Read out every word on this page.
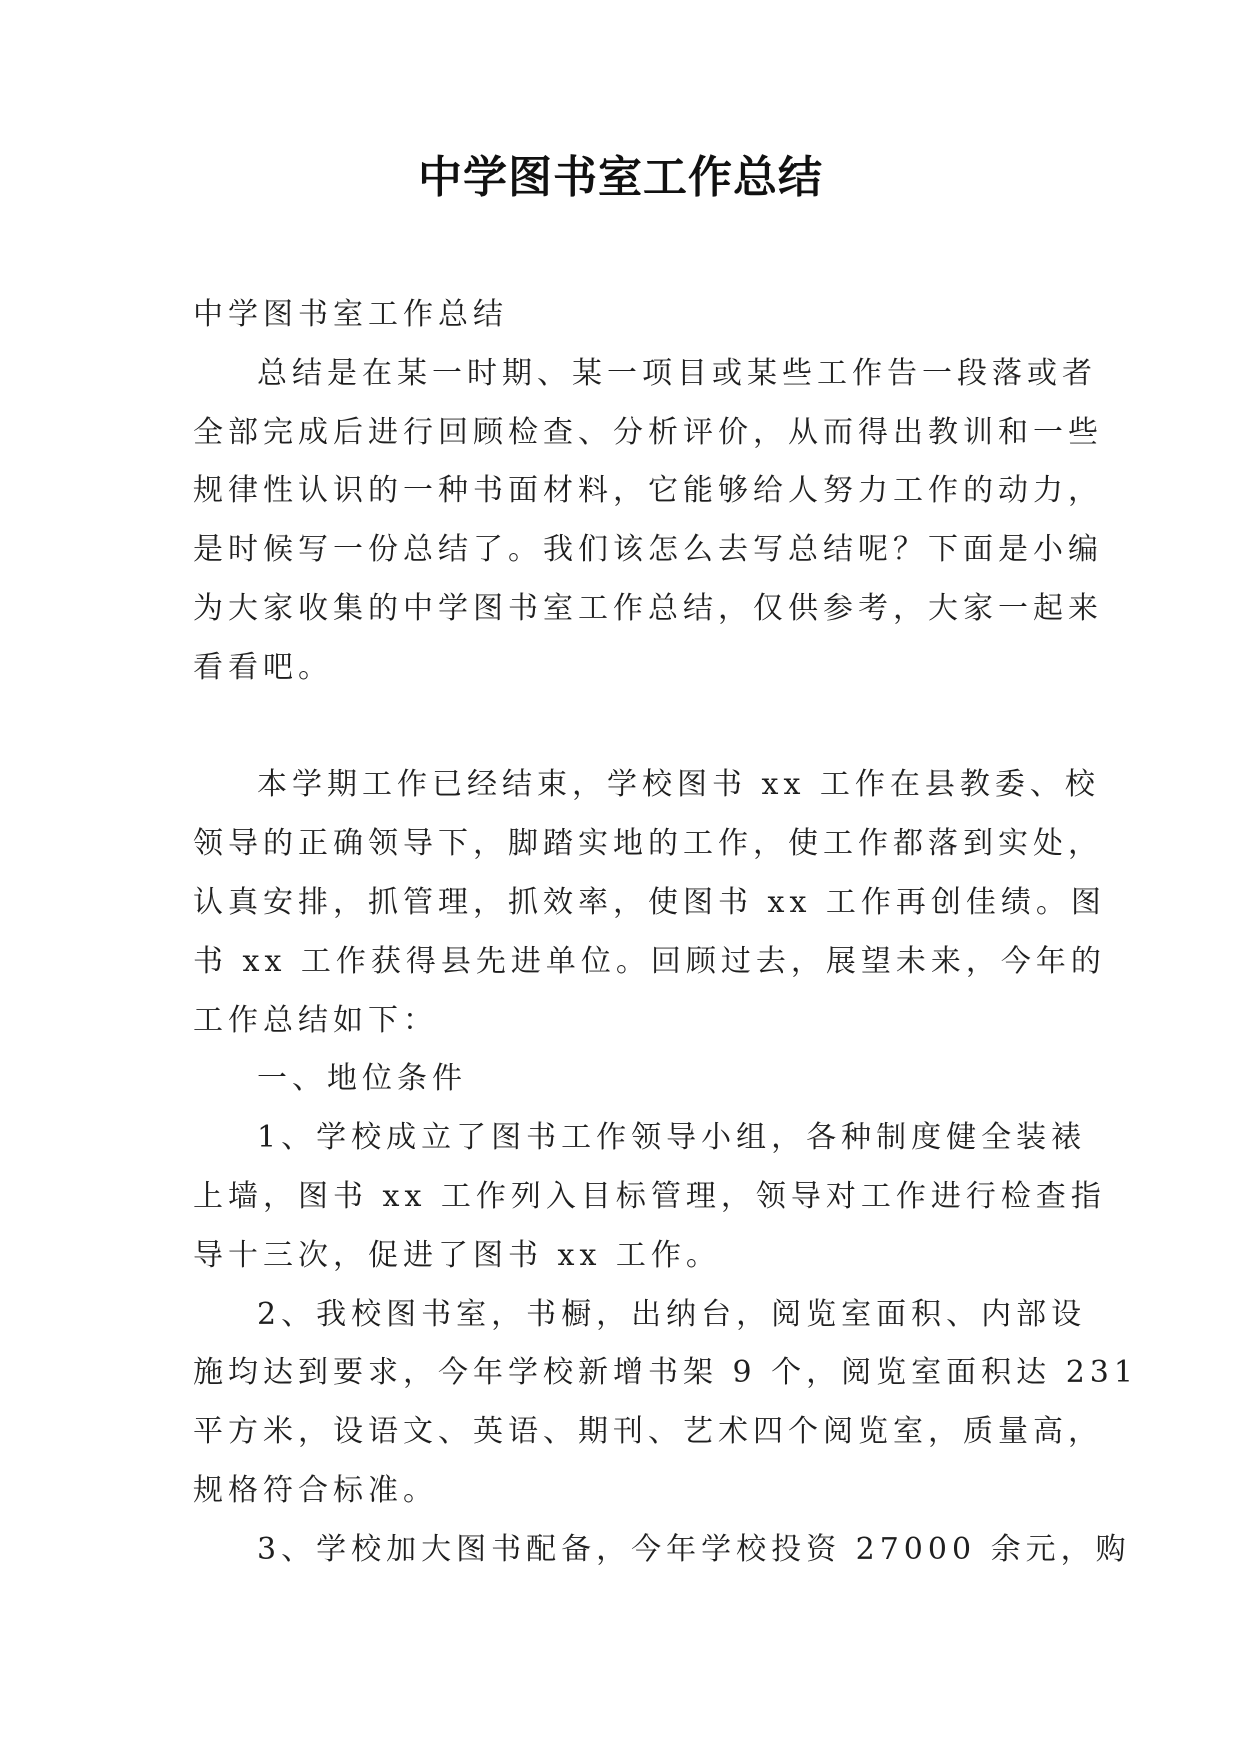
中学图书室工作总结
中学图书室工作总结
总结是在某一时期、某一项目或某些工作告一段落或者
全部完成后进行回顾检查、分析评价，从而得出教训和一些
规律性认识的一种书面材料，它能够给人努力工作的动力，
是时候写一份总结了。我们该怎么去写总结呢？下面是小编
为大家收集的中学图书室工作总结，仅供参考，大家一起来
看看吧。
本学期工作已经结束，学校图书 xx 工作在县教委、校
领导的正确领导下，脚踏实地的工作，使工作都落到实处，
认真安排，抓管理，抓效率，使图书 xx 工作再创佳绩。图
书 xx 工作获得县先进单位。回顾过去，展望未来，今年的
工作总结如下：
一、地位条件
1、学校成立了图书工作领导小组，各种制度健全装裱
上墙，图书 xx 工作列入目标管理，领导对工作进行检查指
导十三次，促进了图书 xx 工作。
2、我校图书室，书橱，出纳台，阅览室面积、内部设
施均达到要求，今年学校新增书架 9 个，阅览室面积达 231
平方米，设语文、英语、期刊、艺术四个阅览室，质量高，
规格符合标准。
3、学校加大图书配备，今年学校投资 27000 余元，购
